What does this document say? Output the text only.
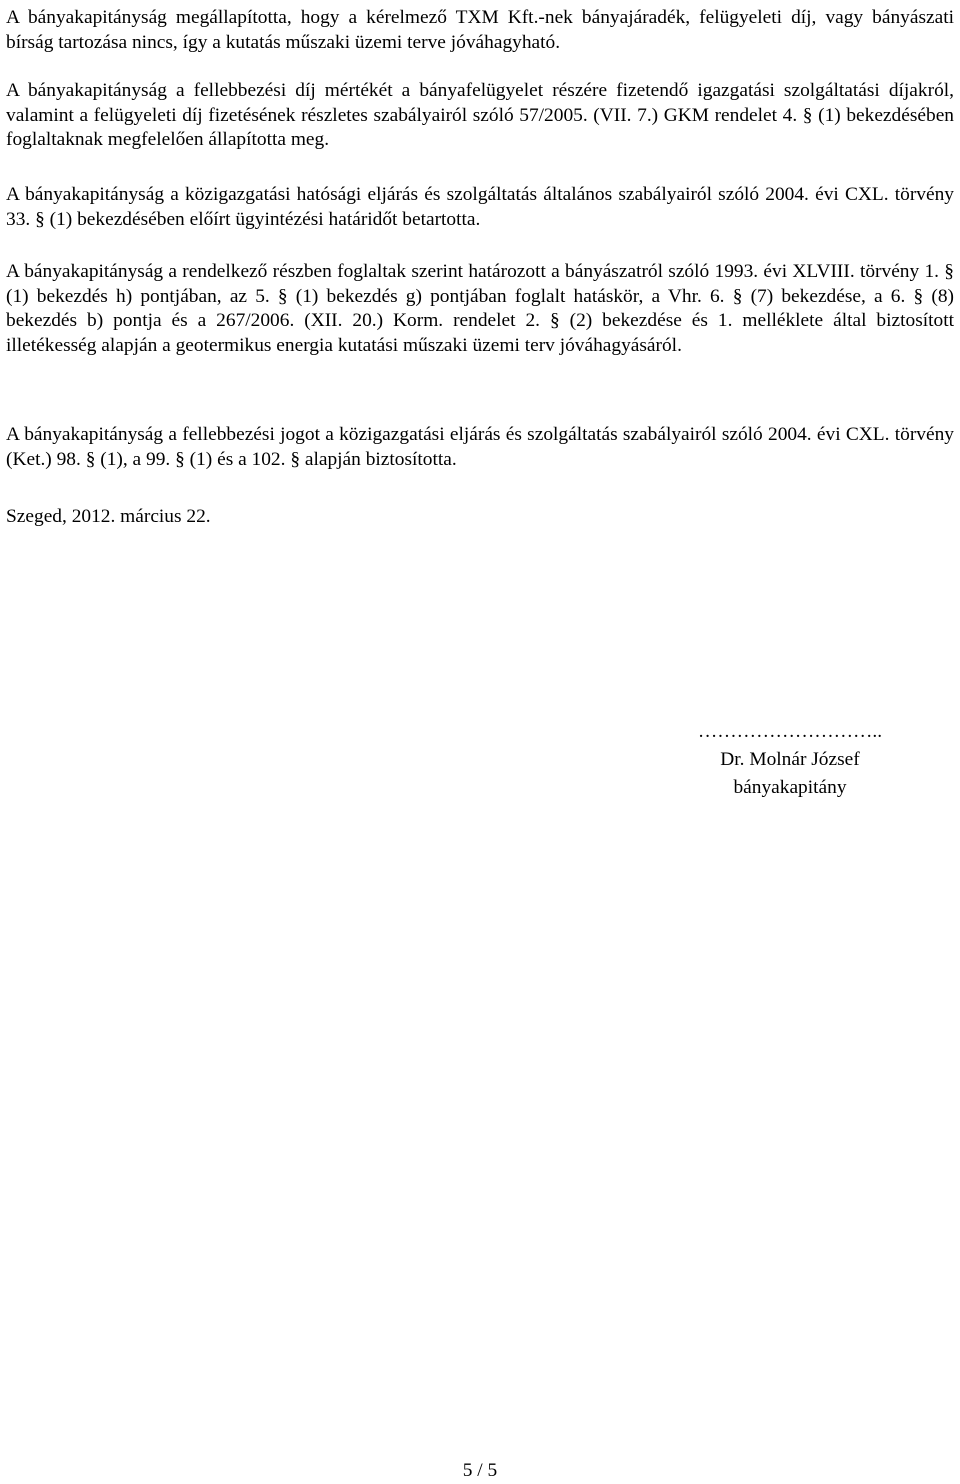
A bányakapitányság megállapította, hogy a kérelmező TXM Kft.-nek bányajáradék, felügyeleti díj, vagy bányászati bírság tartozása nincs, így a kutatás műszaki üzemi terve jóváhagyható.

A bányakapitányság a fellebbezési díj mértékét a bányafelügyelet részére fizetendő igazgatási szolgáltatási díjakról, valamint a felügyeleti díj fizetésének részletes szabályairól szóló 57/2005. (VII. 7.) GKM rendelet 4. § (1) bekezdésében foglaltaknak megfelelően állapította meg.

A bányakapitányság a közigazgatási hatósági eljárás és szolgáltatás általános szabályairól szóló 2004. évi CXL. törvény 33. § (1) bekezdésében előírt ügyintézési határidőt betartotta.

A bányakapitányság a rendelkező részben foglaltak szerint határozott a bányászatról szóló 1993. évi XLVIII. törvény 1. § (1) bekezdés h) pontjában, az 5. § (1) bekezdés g) pontjában foglalt hatáskör, a Vhr. 6. § (7) bekezdése, a 6. § (8) bekezdés b) pontja és a 267/2006. (XII. 20.) Korm. rendelet 2. § (2) bekezdése és 1. melléklete által biztosított illetékesség alapján a geotermikus energia kutatási műszaki üzemi terv jóváhagyásáról.

A bányakapitányság a fellebbezési jogot a közigazgatási eljárás és szolgáltatás szabályairól szóló 2004. évi CXL. törvény (Ket.) 98. § (1), a 99. § (1) és a 102. § alapján biztosította.

Szeged, 2012. március 22.
………………………..
Dr. Molnár József
bányakapitány
5 / 5
